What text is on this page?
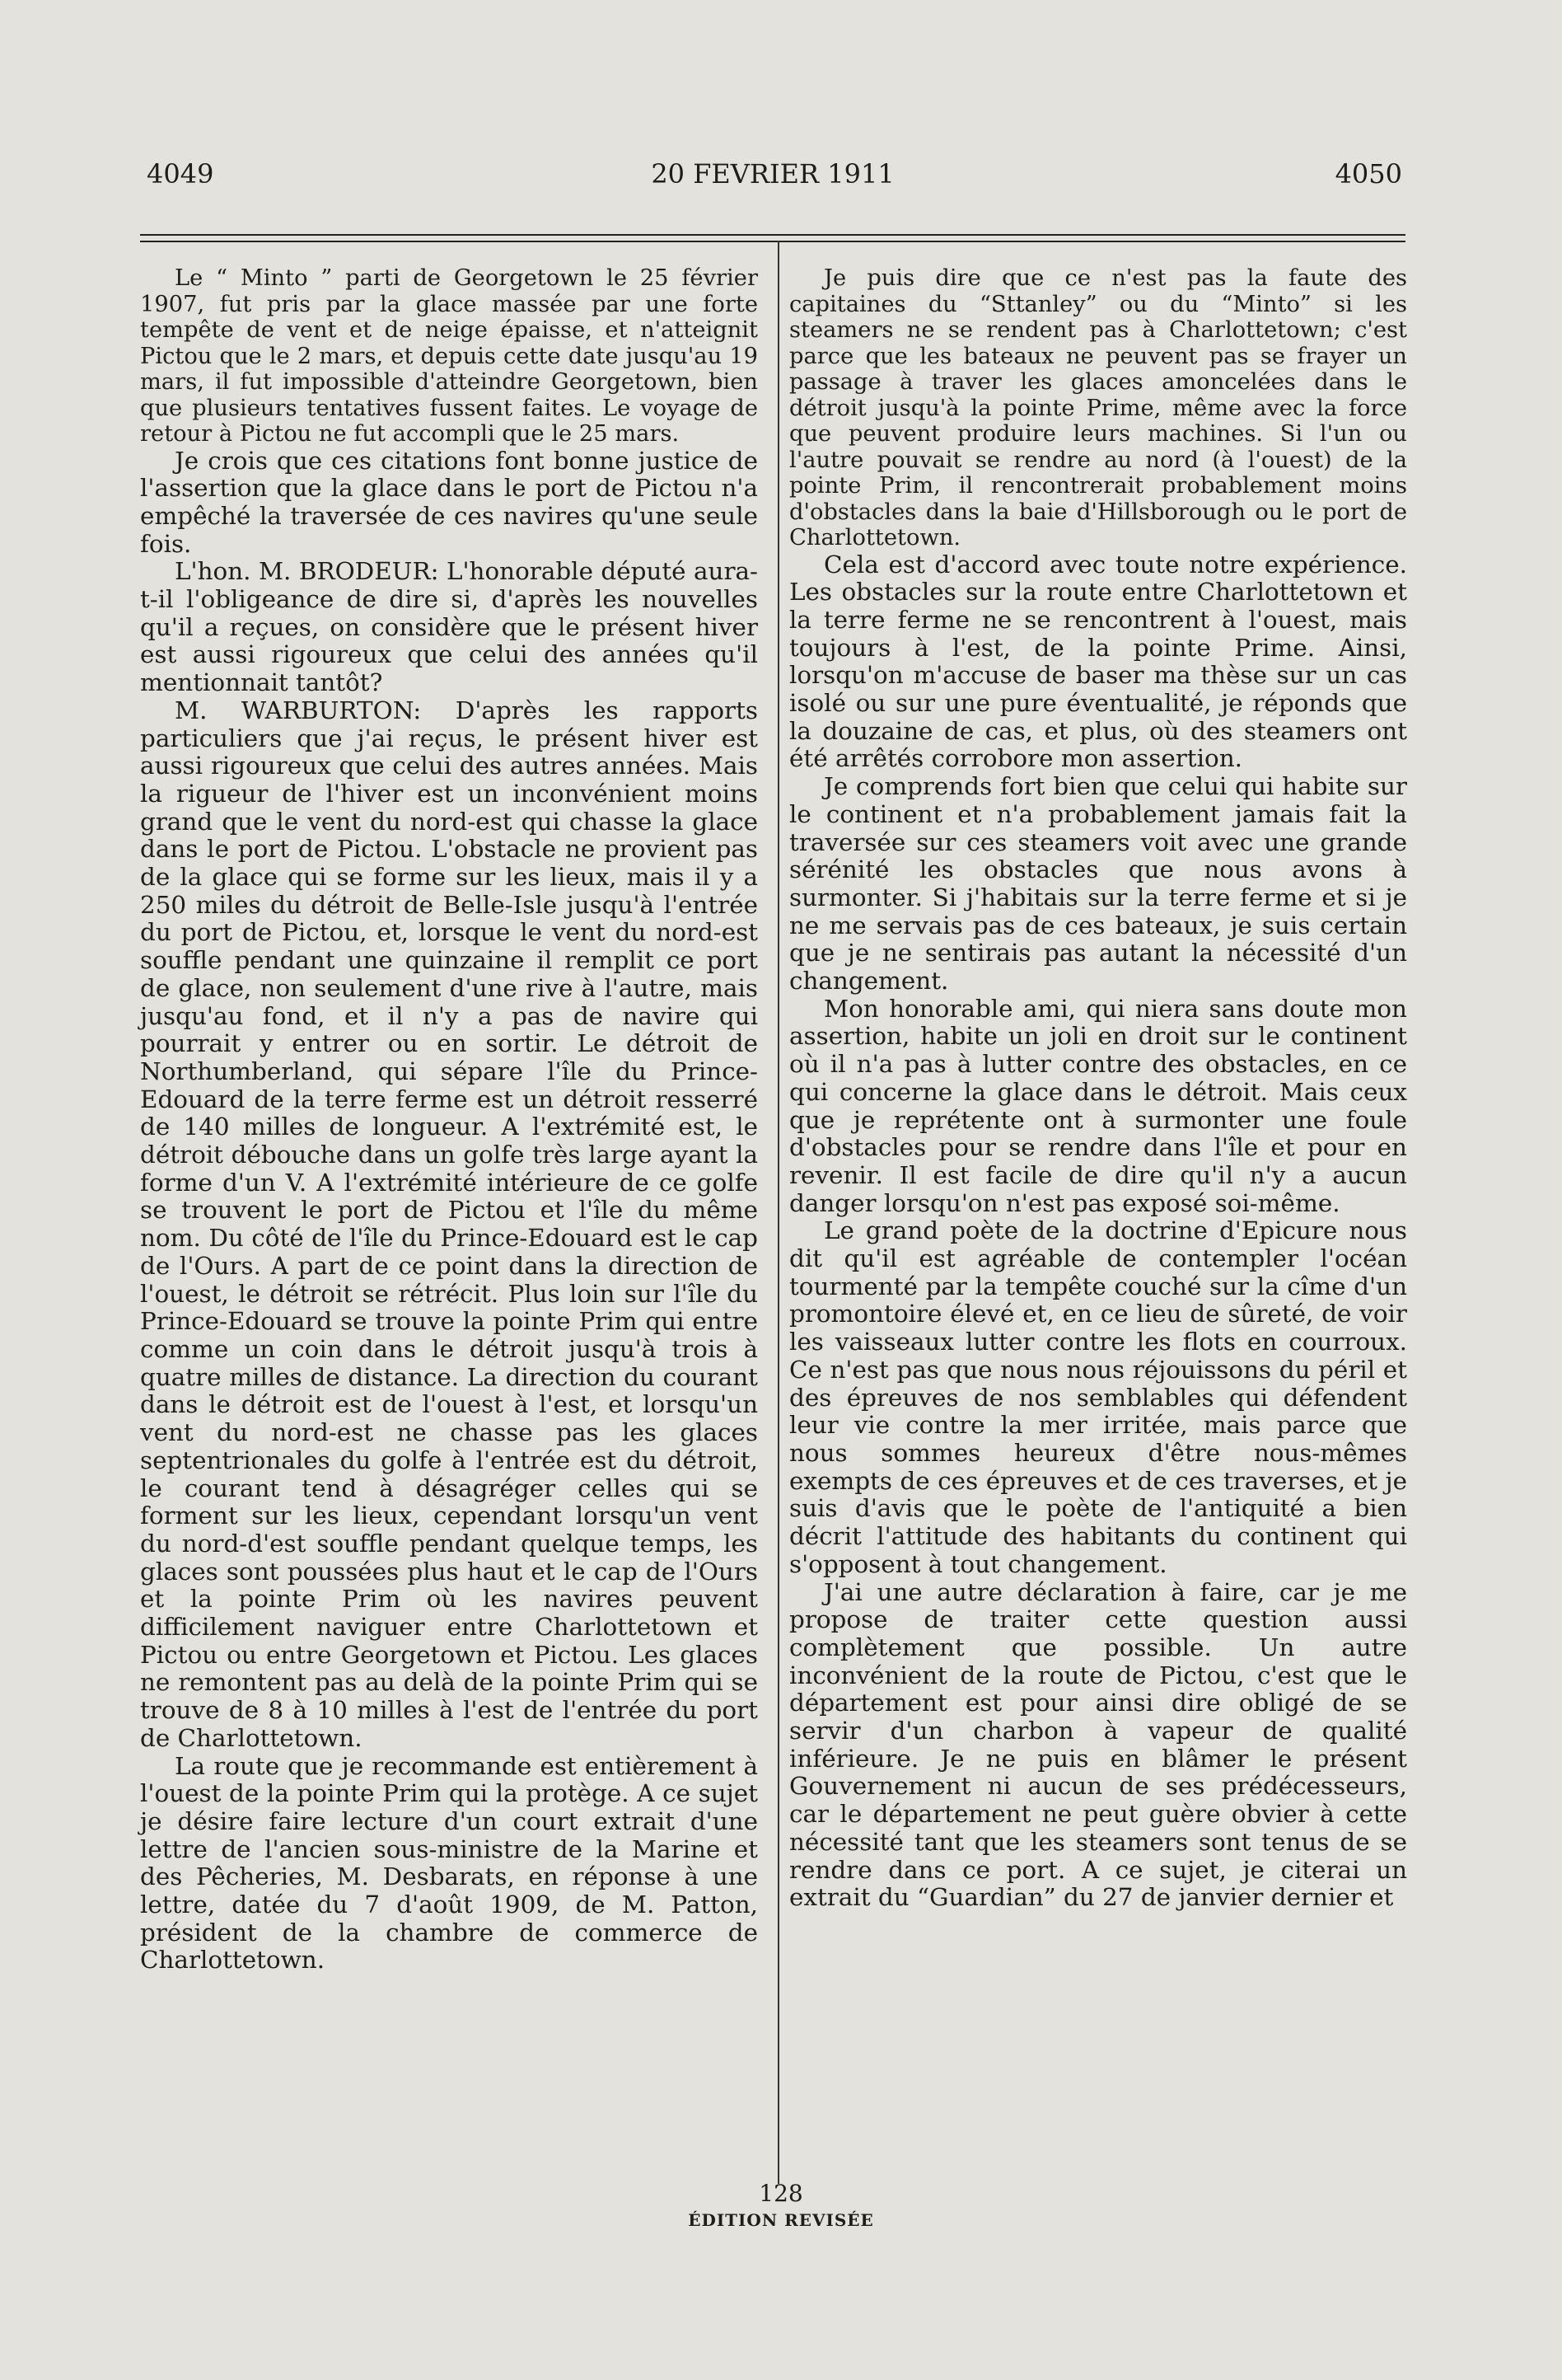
4049	20 FEVRIER 1911	4050

Le “ Minto ” parti de Georgetown le 25 février 1907, fut pris par la glace massée par une forte tempête de vent et de neige épaisse, et n'atteignit Pictou que le 2 mars, et depuis cette date jusqu'au 19 mars, il fut impossible d'atteindre Georgetown, bien que plusieurs tentatives fussent faites. Le voyage de retour à Pictou ne fut accompli que le 25 mars.

Je crois que ces citations font bonne justice de l'assertion que la glace dans le port de Pictou n'a empêché la traversée de ces navires qu'une seule fois.

L'hon. M. BRODEUR: L'honorable député aura-t-il l'obligeance de dire si, d'après les nouvelles qu'il a reçues, on considère que le présent hiver est aussi rigoureux que celui des années qu'il mentionnait tantôt?

M. WARBURTON: D'après les rapports particuliers que j'ai reçus, le présent hiver est aussi rigoureux que celui des autres années. Mais la rigueur de l'hiver est un inconvénient moins grand que le vent du nord-est qui chasse la glace dans le port de Pictou. L'obstacle ne provient pas de la glace qui se forme sur les lieux, mais il y a 250 miles du détroit de Belle-Isle jusqu'à l'entrée du port de Pictou, et, lorsque le vent du nord-est souffle pendant une quinzaine il remplit ce port de glace, non seulement d'une rive à l'autre, mais jusqu'au fond, et il n'y a pas de navire qui pourrait y entrer ou en sortir. Le détroit de Northumberland, qui sépare l'île du Prince-Edouard de la terre ferme est un détroit resserré de 140 milles de longueur. A l'extrémité est, le détroit débouche dans un golfe très large ayant la forme d'un V. A l'extrémité intérieure de ce golfe se trouvent le port de Pictou et l'île du même nom. Du côté de l'île du Prince-Edouard est le cap de l'Ours. A part de ce point dans la direction de l'ouest, le détroit se rétrécit. Plus loin sur l'île du Prince-Edouard se trouve la pointe Prim qui entre comme un coin dans le détroit jusqu'à trois à quatre milles de distance. La direction du courant dans le détroit est de l'ouest à l'est, et lorsqu'un vent du nord-est ne chasse pas les glaces septentrionales du golfe à l'entrée est du détroit, le courant tend à désagréger celles qui se forment sur les lieux, cependant lorsqu'un vent du nord-d'est souffle pendant quelque temps, les glaces sont poussées plus haut et le cap de l'Ours et la pointe Prim où les navires peuvent difficilement naviguer entre Charlottetown et Pictou ou entre Georgetown et Pictou. Les glaces ne remontent pas au delà de la pointe Prim qui se trouve de 8 à 10 milles à l'est de l'entrée du port de Charlottetown.

La route que je recommande est entièrement à l'ouest de la pointe Prim qui la protège. A ce sujet je désire faire lecture d'un court extrait d'une lettre de l'ancien sous-ministre de la Marine et des Pêcheries, M. Desbarats, en réponse à une lettre, datée du 7 d'août 1909, de M. Patton, président de la chambre de commerce de Charlottetown.

Je puis dire que ce n'est pas la faute des capitaines du “Sttanley” ou du “Minto” si les steamers ne se rendent pas à Charlottetown; c'est parce que les bateaux ne peuvent pas se frayer un passage à traver les glaces amoncelées dans le détroit jusqu'à la pointe Prime, même avec la force que peuvent produire leurs machines. Si l'un ou l'autre pouvait se rendre au nord (à l'ouest) de la pointe Prim, il rencontrerait probablement moins d'obstacles dans la baie d'Hillsborough ou le port de Charlottetown.

Cela est d'accord avec toute notre expérience. Les obstacles sur la route entre Charlottetown et la terre ferme ne se rencontrent à l'ouest, mais toujours à l'est, de la pointe Prime. Ainsi, lorsqu'on m'accuse de baser ma thèse sur un cas isolé ou sur une pure éventualité, je réponds que la douzaine de cas, et plus, où des steamers ont été arrêtés corrobore mon assertion.

Je comprends fort bien que celui qui habite sur le continent et n'a probablement jamais fait la traversée sur ces steamers voit avec une grande sérénité les obstacles que nous avons à surmonter. Si j'habitais sur la terre ferme et si je ne me servais pas de ces bateaux, je suis certain que je ne sentirais pas autant la nécessité d'un changement.

Mon honorable ami, qui niera sans doute mon assertion, habite un joli en droit sur le continent où il n'a pas à lutter contre des obstacles, en ce qui concerne la glace dans le détroit. Mais ceux que je reprétente ont à surmonter une foule d'obstacles pour se rendre dans l'île et pour en revenir. Il est facile de dire qu'il n'y a aucun danger lorsqu'on n'est pas exposé soi-même.

Le grand poète de la doctrine d'Epicure nous dit qu'il est agréable de contempler l'océan tourmenté par la tempête couché sur la cîme d'un promontoire élevé et, en ce lieu de sûreté, de voir les vaisseaux lutter contre les flots en courroux. Ce n'est pas que nous nous réjouissons du péril et des épreuves de nos semblables qui défendent leur vie contre la mer irritée, mais parce que nous sommes heureux d'être nous-mêmes exempts de ces épreuves et de ces traverses, et je suis d'avis que le poète de l'antiquité a bien décrit l'attitude des habitants du continent qui s'opposent à tout changement.

J'ai une autre déclaration à faire, car je me propose de traiter cette question aussi complètement que possible. Un autre inconvénient de la route de Pictou, c'est que le département est pour ainsi dire obligé de se servir d'un charbon à vapeur de qualité inférieure. Je ne puis en blâmer le présent Gouvernement ni aucun de ses prédécesseurs, car le département ne peut guère obvier à cette nécessité tant que les steamers sont tenus de se rendre dans ce port. A ce sujet, je citerai un extrait du “Guardian” du 27 de janvier dernier et

128
ÉDITION REVISÉE
